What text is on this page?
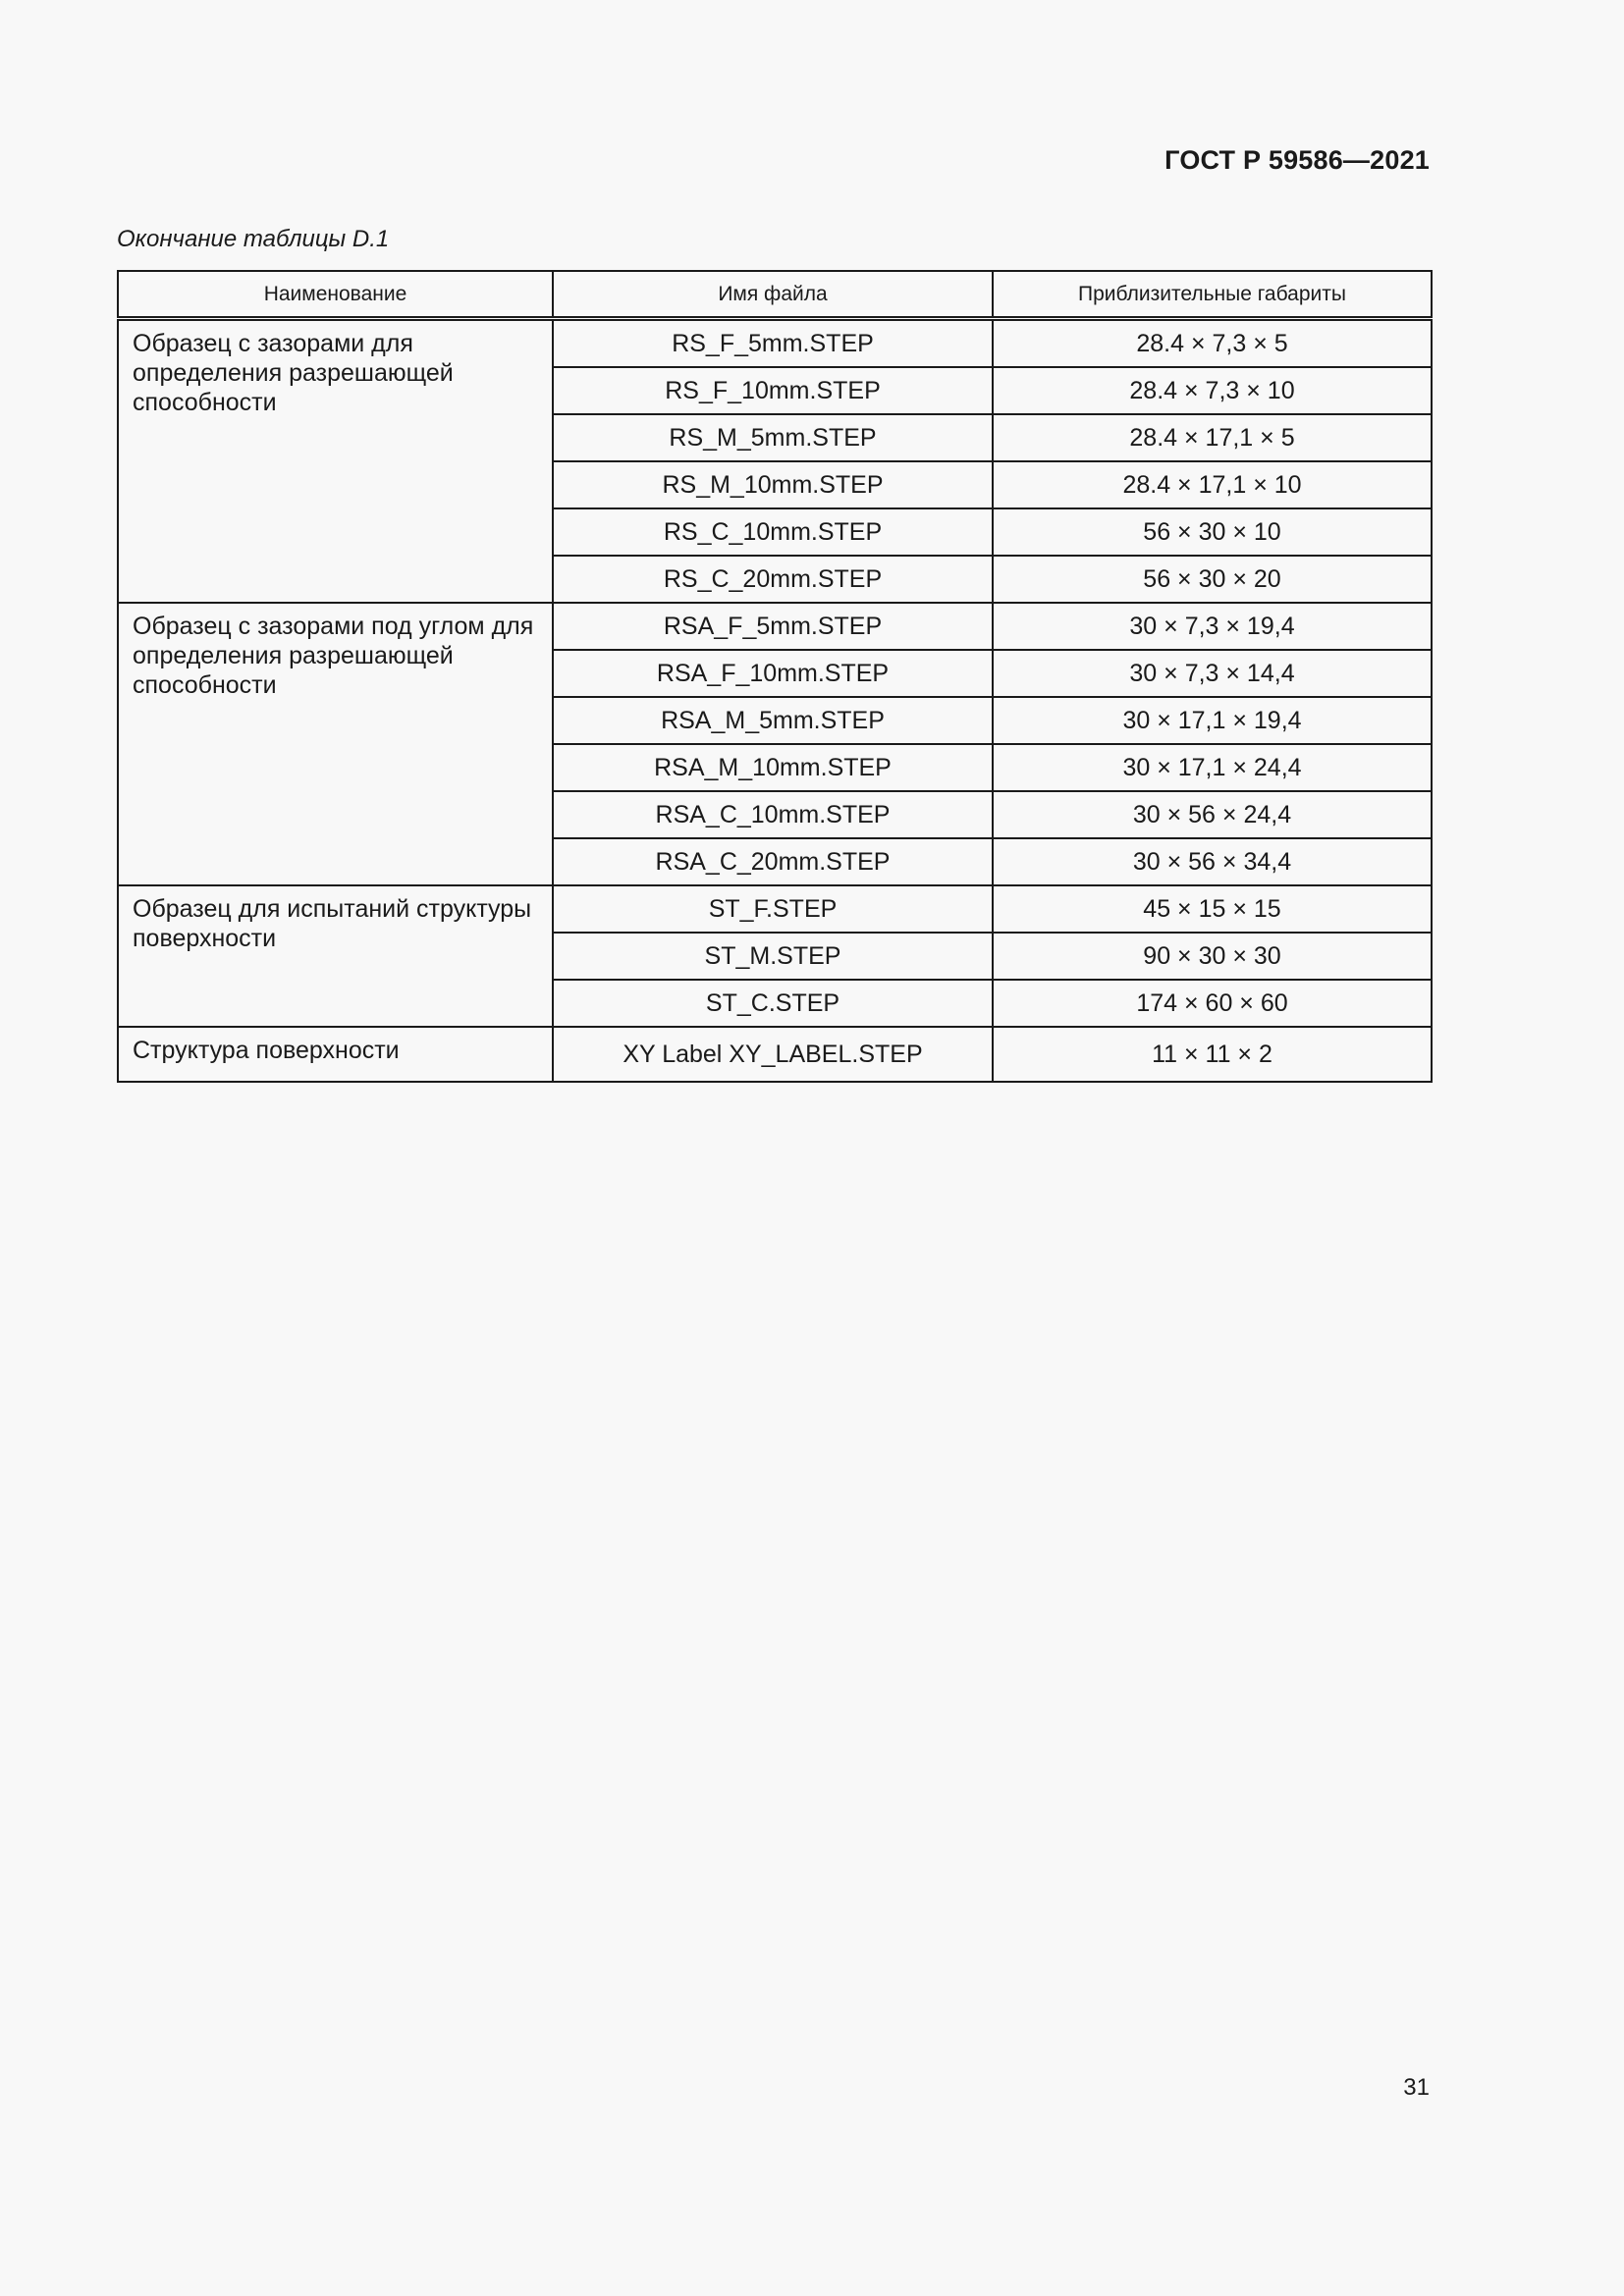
ГОСТ Р 59586—2021
Окончание таблицы D.1
Наименование	Имя файла	Приблизительные габариты
Образец с зазорами для определения разрешающей способности	RS_F_5mm.STEP	28.4 × 7,3 × 5
	RS_F_10mm.STEP	28.4 × 7,3 × 10
	RS_M_5mm.STEP	28.4 × 17,1 × 5
	RS_M_10mm.STEP	28.4 × 17,1 × 10
	RS_C_10mm.STEP	56 × 30 × 10
	RS_C_20mm.STEP	56 × 30 × 20
Образец с зазорами под углом для определения разрешающей способности	RSA_F_5mm.STEP	30 × 7,3 × 19,4
	RSA_F_10mm.STEP	30 × 7,3 × 14,4
	RSA_M_5mm.STEP	30 × 17,1 × 19,4
	RSA_M_10mm.STEP	30 × 17,1 × 24,4
	RSA_C_10mm.STEP	30 × 56 × 24,4
	RSA_C_20mm.STEP	30 × 56 × 34,4
Образец для испытаний структуры поверхности	ST_F.STEP	45 × 15 × 15
	ST_M.STEP	90 × 30 × 30
	ST_C.STEP	174 × 60 × 60
Структура поверхности	XY Label XY_LABEL.STEP	11 × 11 × 2
31
